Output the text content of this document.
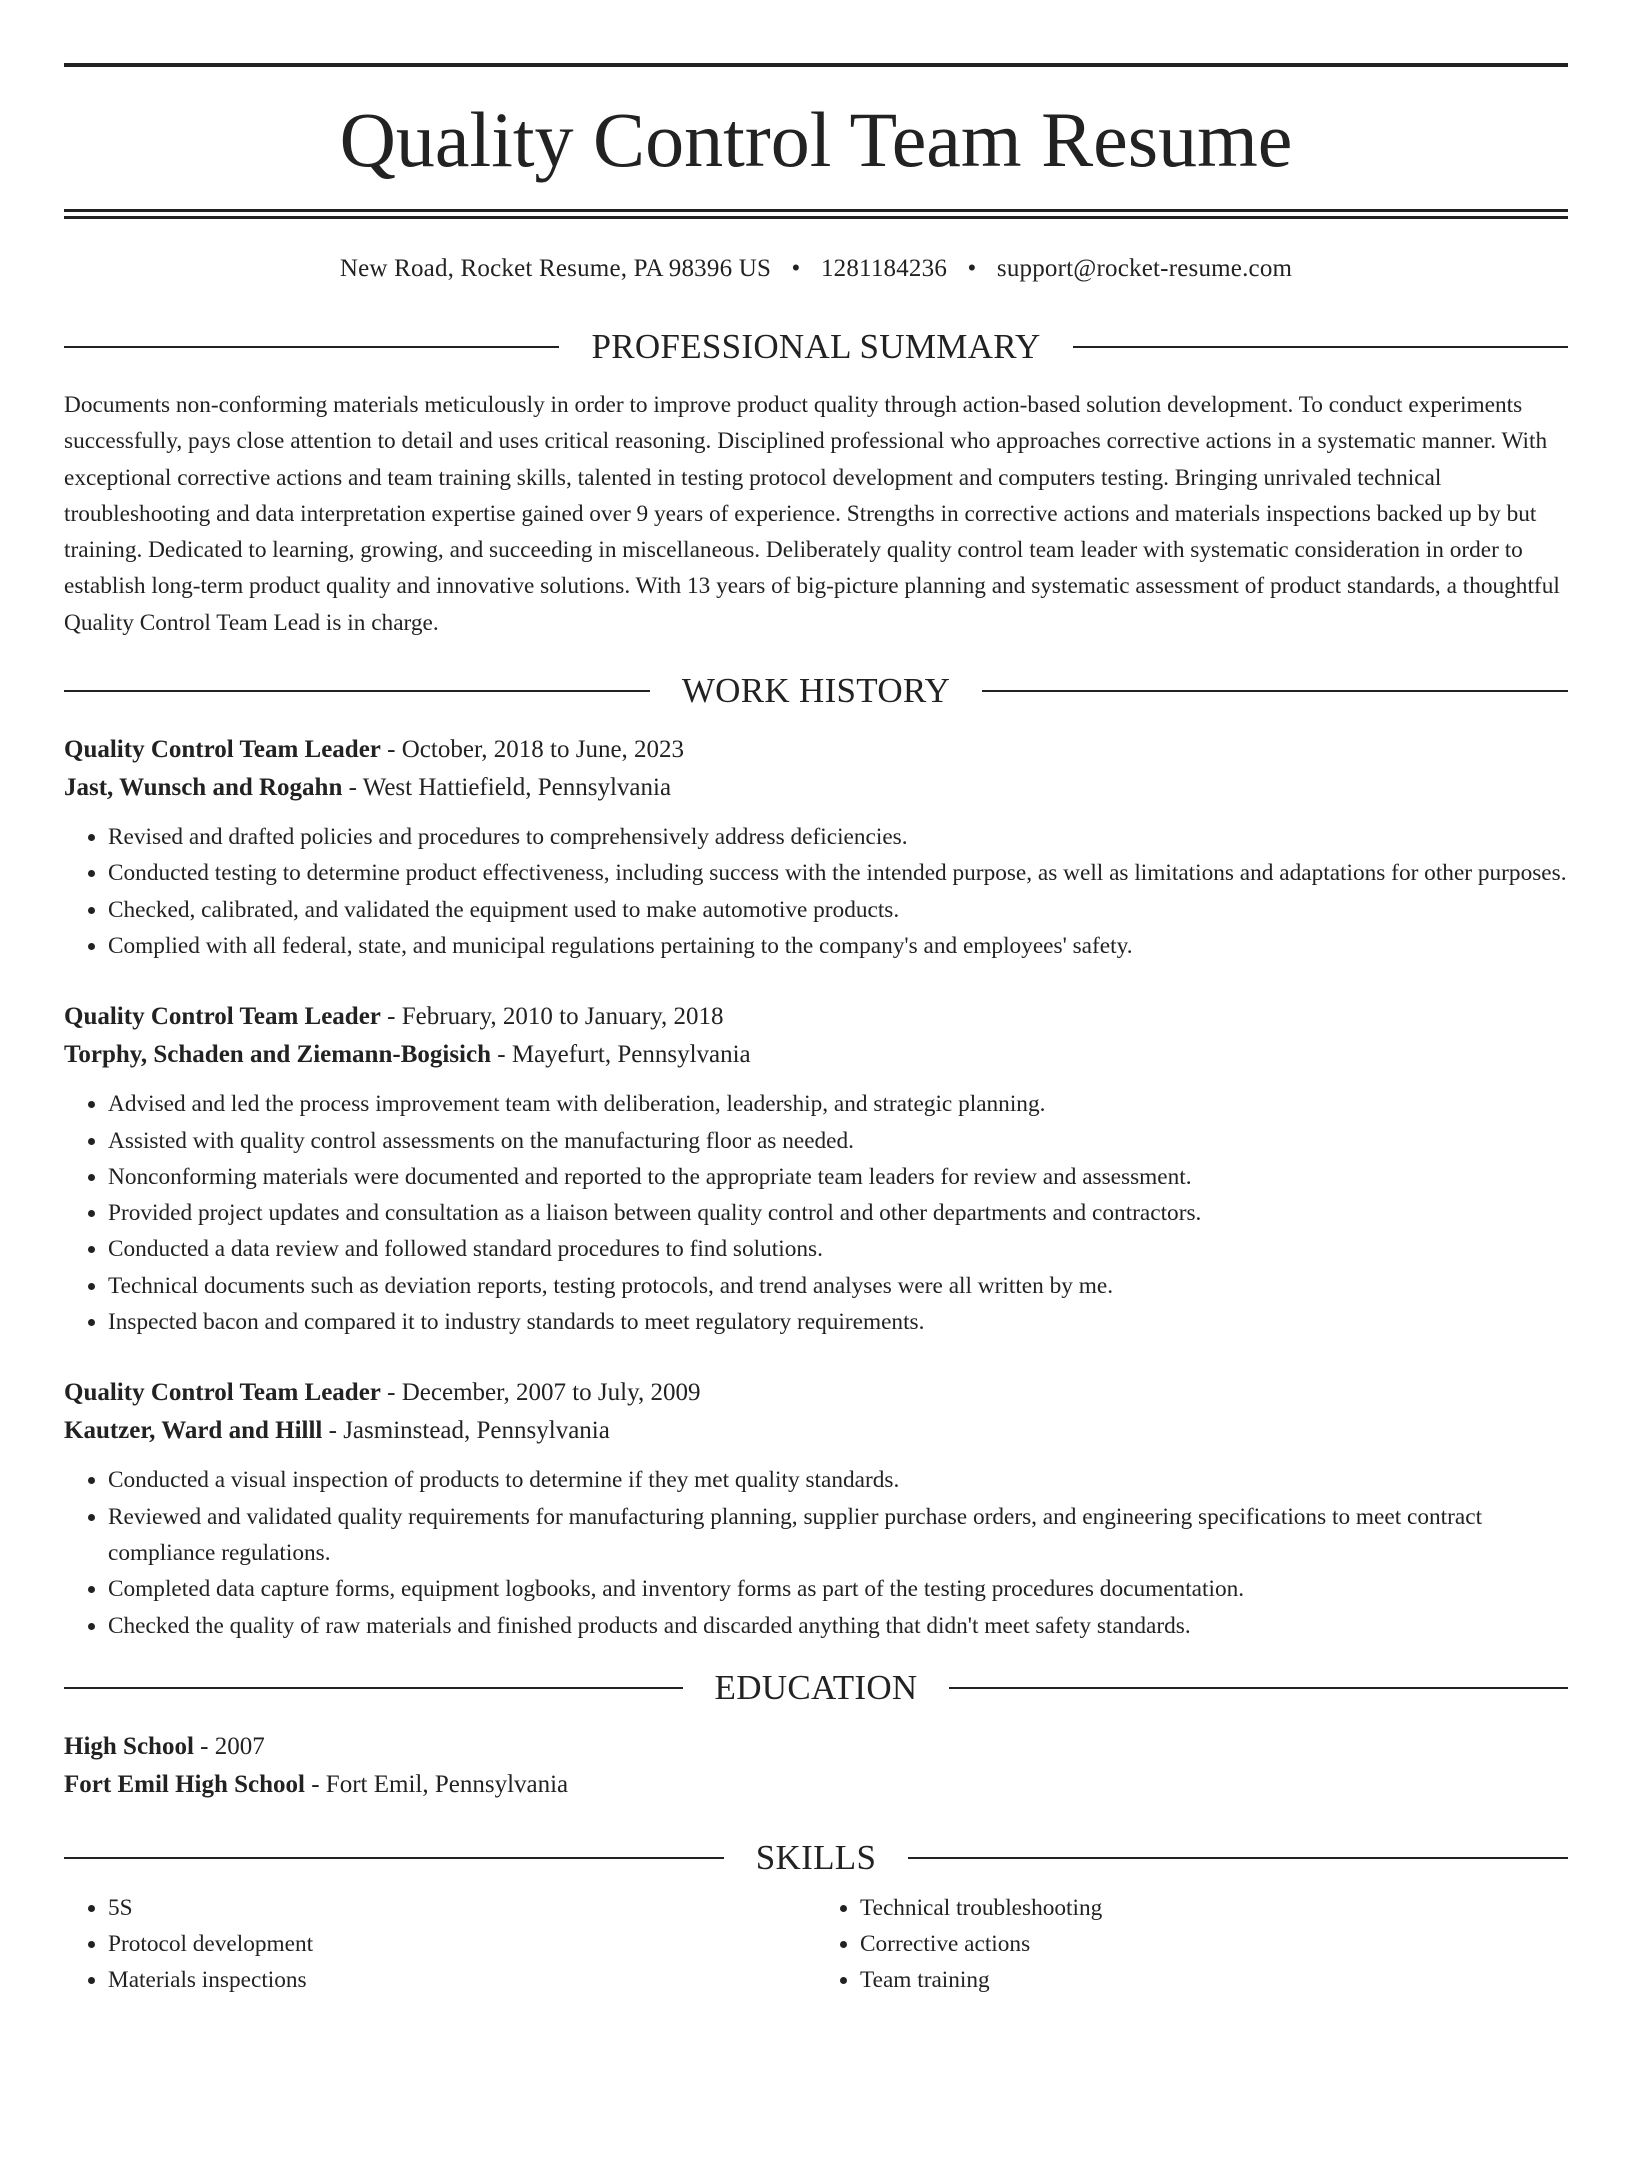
Quality Control Team Resume
New Road, Rocket Resume, PA 98396 US • 1281184236 • support@rocket-resume.com
PROFESSIONAL SUMMARY

Documents non-conforming materials meticulously in order to improve product quality through action-based solution development. To conduct experiments successfully, pays close attention to detail and uses critical reasoning. Disciplined professional who approaches corrective actions in a systematic manner. With exceptional corrective actions and team training skills, talented in testing protocol development and computers testing. Bringing unrivaled technical troubleshooting and data interpretation expertise gained over 9 years of experience. Strengths in corrective actions and materials inspections backed up by but training. Dedicated to learning, growing, and succeeding in miscellaneous. Deliberately quality control team leader with systematic consideration in order to establish long-term product quality and innovative solutions. With 13 years of big-picture planning and systematic assessment of product standards, a thoughtful Quality Control Team Lead is in charge.

WORK HISTORY
Quality Control Team Leader - October, 2018 to June, 2023
Jast, Wunsch and Rogahn - West Hattiefield, Pennsylvania
• Revised and drafted policies and procedures to comprehensively address deficiencies.
• Conducted testing to determine product effectiveness, including success with the intended purpose, as well as limitations and adaptations for other purposes.
• Checked, calibrated, and validated the equipment used to make automotive products.
• Complied with all federal, state, and municipal regulations pertaining to the company's and employees' safety.
Quality Control Team Leader - February, 2010 to January, 2018
Torphy, Schaden and Ziemann-Bogisich - Mayefurt, Pennsylvania
• Advised and led the process improvement team with deliberation, leadership, and strategic planning.
• Assisted with quality control assessments on the manufacturing floor as needed.
• Nonconforming materials were documented and reported to the appropriate team leaders for review and assessment.
• Provided project updates and consultation as a liaison between quality control and other departments and contractors.
• Conducted a data review and followed standard procedures to find solutions.
• Technical documents such as deviation reports, testing protocols, and trend analyses were all written by me.
• Inspected bacon and compared it to industry standards to meet regulatory requirements.
Quality Control Team Leader - December, 2007 to July, 2009
Kautzer, Ward and Hilll - Jasminstead, Pennsylvania
• Conducted a visual inspection of products to determine if they met quality standards.
• Reviewed and validated quality requirements for manufacturing planning, supplier purchase orders, and engineering specifications to meet contract compliance regulations.
• Completed data capture forms, equipment logbooks, and inventory forms as part of the testing procedures documentation.
• Checked the quality of raw materials and finished products and discarded anything that didn't meet safety standards.
EDUCATION
High School - 2007
Fort Emil High School - Fort Emil, Pennsylvania
SKILLS
• 5S
• Protocol development
• Materials inspections
• Technical troubleshooting
• Corrective actions
• Team training
